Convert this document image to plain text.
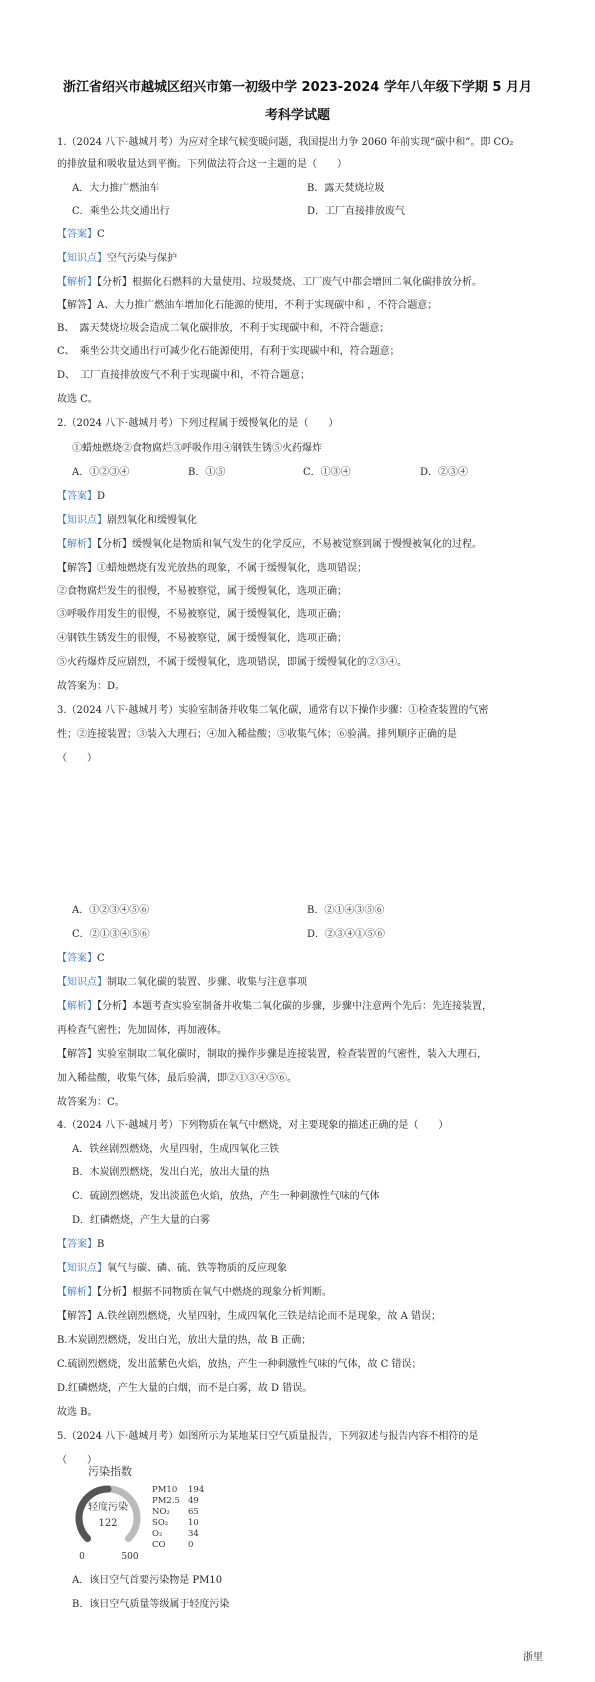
浙江省绍兴市越城区绍兴市第一初级中学 2023-2024 学年八年级下学期 5 月月
考科学试题
1.（2024 八下·越城月考）为应对全球气候变暖问题，我国提出力争 2060 年前实现“碳中和”。即 CO₂
的排放量和吸收量达到平衡。下列做法符合这一主题的是（　　）
A．大力推广燃油车	B．露天焚烧垃圾
C．乘坐公共交通出行	D．工厂直接排放废气
【答案】C
【知识点】空气污染与保护
【解析】【分析】根据化石燃料的大量使用、垃圾焚烧、工厂废气中都会增回二氧化碳排放分析。
【解答】A、大力推广燃油车增加化石能源的使用，不利于实现碳中和 ，不符合题意；
B、　露天焚烧垃圾会造成二氧化碳排放，不利于实现碳中和，不符合题意；
C、　乘坐公共交通出行可减少化石能源使用，有利于实现碳中和，符合题意；
D、　工厂直接排放废气不利于实现碳中和，不符合题意；
故选 C。
2.（2024 八下·越城月考）下列过程属于缓慢氧化的是（　　）
①蜡烛燃烧②食物腐烂③呼吸作用④钢铁生锈⑤火药爆炸
A．①②③④	B．①⑤	C．①③④	D．②③④
【答案】D
【知识点】剧烈氧化和缓慢氧化
【解析】【分析】缓慢氧化是物质和氧气发生的化学反应，不易被觉察到属于慢慢被氧化的过程。
【解答】①蜡烛燃烧有发光放热的现象，不属于缓慢氧化，选项错误；
②食物腐烂发生的很慢，不易被察觉，属于缓慢氧化，选项正确；
③呼吸作用发生的很慢，不易被察觉，属于缓慢氧化，选项正确；
④钢铁生锈发生的很慢，不易被察觉，属于缓慢氧化，选项正确；
⑤火药爆炸反应剧烈，不属于缓慢氧化，选项错误，即属于缓慢氧化的②③④。
故答案为：D。
3.（2024 八下·越城月考）实验室制备并收集二氧化碳，通常有以下操作步骤：①检查装置的气密
性；②连接装置；③装入大理石；④加入稀盐酸；⑤收集气体；⑥验满。排列顺序正确的是
（　　）
A．①②③④⑤⑥	B．②①④③⑤⑥
C．②①③④⑤⑥	D．②③④①⑤⑥
【答案】C
【知识点】制取二氧化碳的装置、步骤、收集与注意事项
【解析】【分析】本题考查实验室制备并收集二氧化碳的步骤，步骤中注意两个先后：先连接装置，
再检查气密性；先加固体，再加液体。
【解答】实验室制取二氧化碳时，制取的操作步骤是连接装置，检查装置的气密性，装入大理石，
加入稀盐酸，收集气体，最后验满，即②①③④⑤⑥。
故答案为：C。
4.（2024 八下·越城月考）下列物质在氧气中燃烧，对主要现象的描述正确的是（　　）
A．铁丝剧烈燃烧，火星四射，生成四氧化三铁
B．木炭剧烈燃烧，发出白光，放出大量的热
C．硫剧烈燃烧，发出淡蓝色火焰，放热，产生一种刺激性气味的气体
D．红磷燃烧，产生大量的白雾
【答案】B
【知识点】氧气与碳、磷、硫、铁等物质的反应现象
【解析】【分析】根据不同物质在氧气中燃烧的现象分析判断。
【解答】A.铁丝剧烈燃烧，火星四射，生成四氧化三铁是结论而不是现象，故 A 错误；
B.木炭剧烈燃烧，发出白光，放出大量的热，故 B 正确；
C.硫剧烈燃烧，发出蓝紫色火焰，放热，产生一种刺激性气味的气体，故 C 错误；
D.红磷燃烧，产生大量的白烟，而不是白雾，故 D 错误。
故选 B。
5.（2024 八下·越城月考）如图所示为某地某日空气质量报告，下列叙述与报告内容不相符的是
（　　）
污染指数
轻度污染
122
0	500
PM10 194
PM2.5 49
NO₂ 65
SO₂ 10
O₂	34
CO	0
A．该日空气首要污染物是 PM10
B．该日空气质量等级属于轻度污染
浙里
